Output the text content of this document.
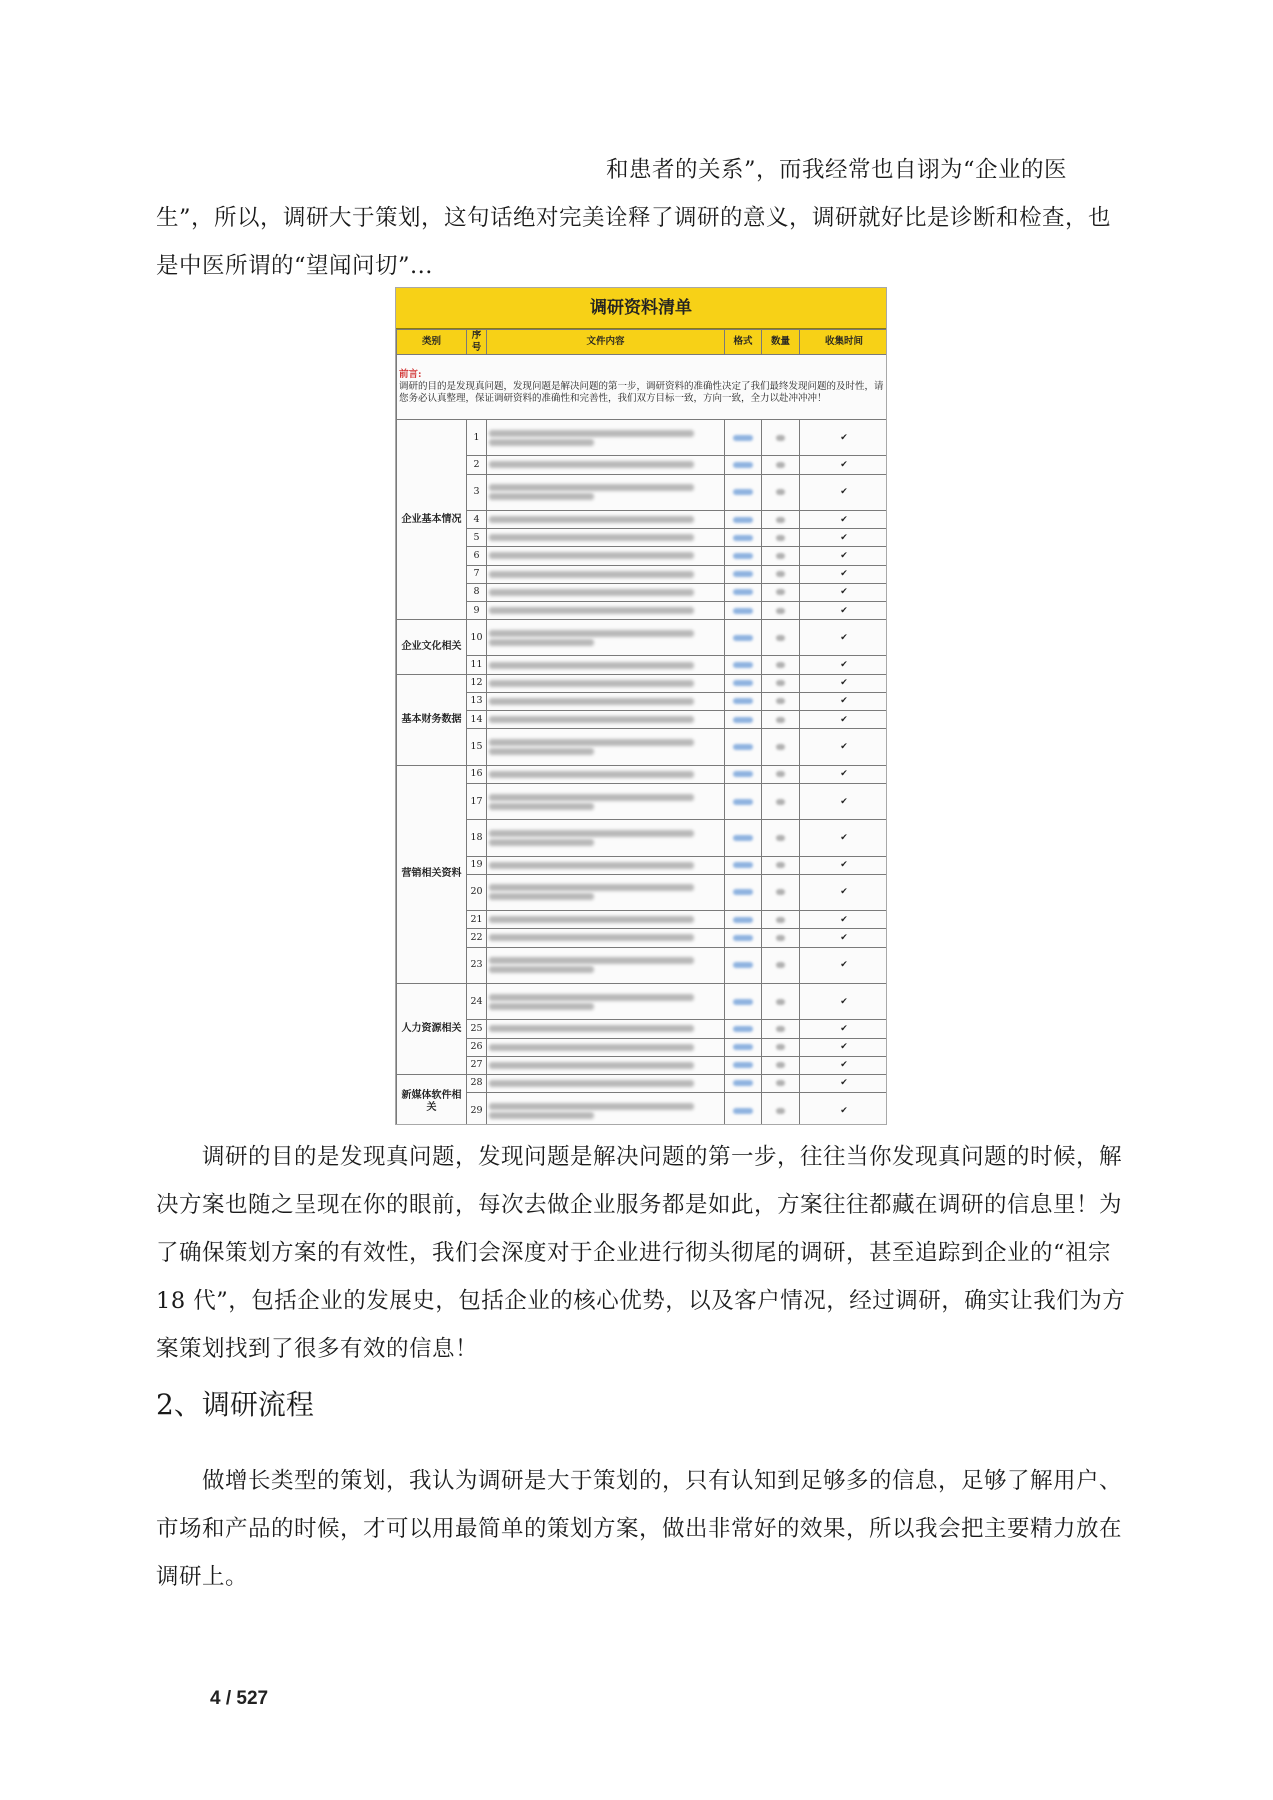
和患者的关系”，而我经常也自诩为“企业的医
生”，所以，调研大于策划，这句话绝对完美诠释了调研的意义，调研就好比是诊断和检查，也
是中医所谓的“望闻问切”...
调研资料清单
类别	序号	文件内容	格式	数量	收集时间

前言:
调研的目的是发现真问题，发现问题是解决问题的第一步，调研资料的准确性决定了我们最终发现问题的及时性，请您务必认真整理，保证调研资料的准确性和完善性，我们双方目标一致，方向一致，全力以赴冲冲冲！					
企业基本情况	1				✔
	2				✔
	3				✔
	4				✔
	5				✔
	6				✔
	7				✔
	8				✔
	9				✔
企业文化相关	10				✔
	11				✔
基本财务数据	12				✔
	13				✔
	14				✔
	15				✔
营销相关资料	16				✔
	17				✔
	18				✔
	19				✔
	20				✔
	21				✔
	22				✔
	23				✔
人力资源相关	24				✔
	25				✔
	26				✔
	27				✔
新媒体软件相关	28				✔
	29				✔

调研的目的是发现真问题，发现问题是解决问题的第一步，往往当你发现真问题的时候，解
决方案也随之呈现在你的眼前，每次去做企业服务都是如此，方案往往都藏在调研的信息里！为
了确保策划方案的有效性，我们会深度对于企业进行彻头彻尾的调研，甚至追踪到企业的“祖宗
18 代”，包括企业的发展史，包括企业的核心优势，以及客户情况，经过调研，确实让我们为方
案策划找到了很多有效的信息！
2、调研流程
做增长类型的策划，我认为调研是大于策划的，只有认知到足够多的信息，足够了解用户、
市场和产品的时候，才可以用最简单的策划方案，做出非常好的效果，所以我会把主要精力放在
调研上。
4 / 527
